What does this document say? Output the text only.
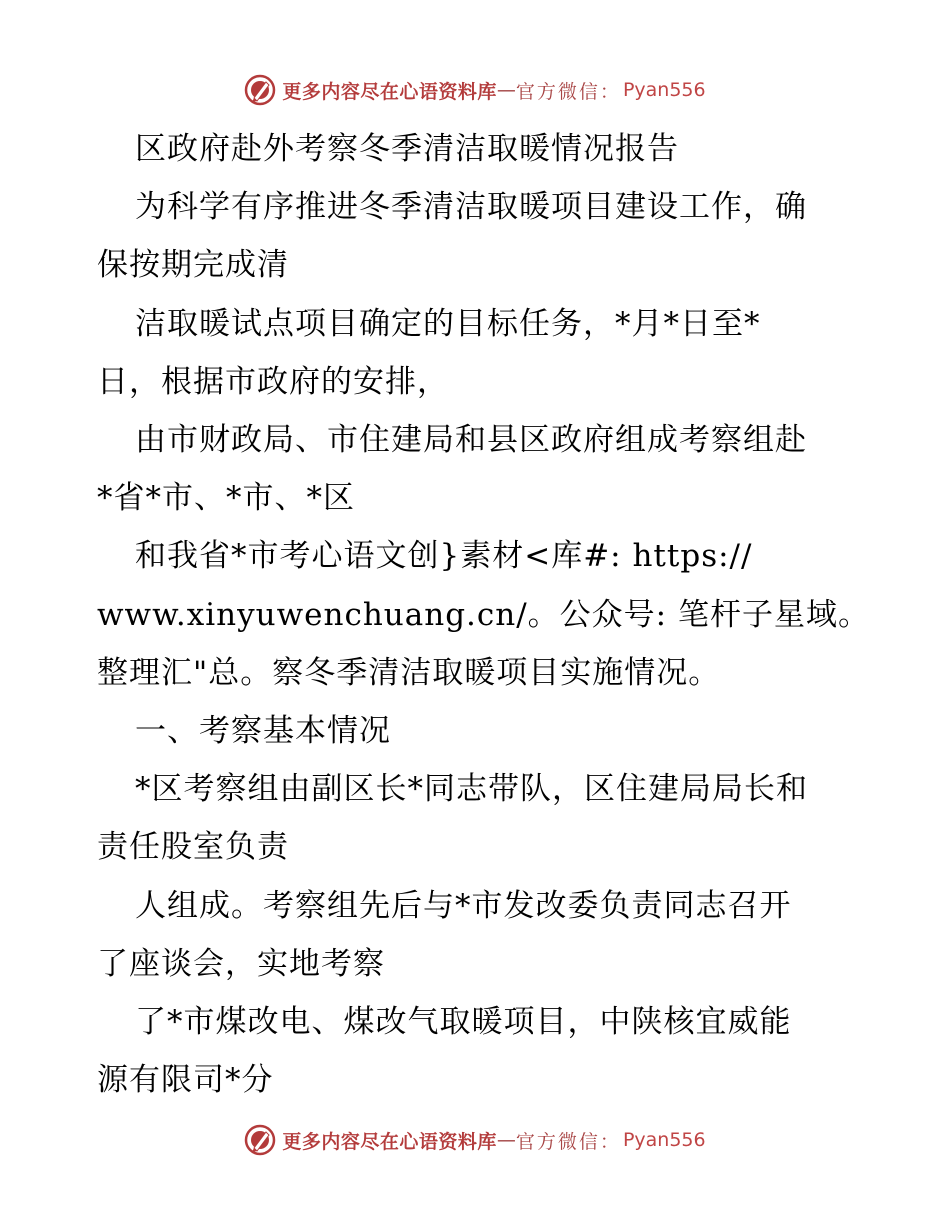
更多内容尽在心语资料库 — 官方微信： Pyan556
区政府赴外考察冬季清洁取暖情况报告
为科学有序推进冬季清洁取暖项目建设工作，确
保按期完成清
洁取暖试点项目确定的目标任务，*月*日至*
日，根据市政府的安排，
由市财政局、市住建局和县区政府组成考察组赴
*省*市、*市、*区
和我省*市考心语文创}素材<库#: https://
www.xinyuwenchuang.cn/。公众号: 笔杆子星域。
整理汇"总。察冬季清洁取暖项目实施情况。
一、考察基本情况
*区考察组由副区长*同志带队，区住建局局长和
责任股室负责
人组成。考察组先后与*市发改委负责同志召开
了座谈会，实地考察
了*市煤改电、煤改气取暖项目，中陕核宜威能
源有限司*分
更多内容尽在心语资料库 — 官方微信： Pyan556
